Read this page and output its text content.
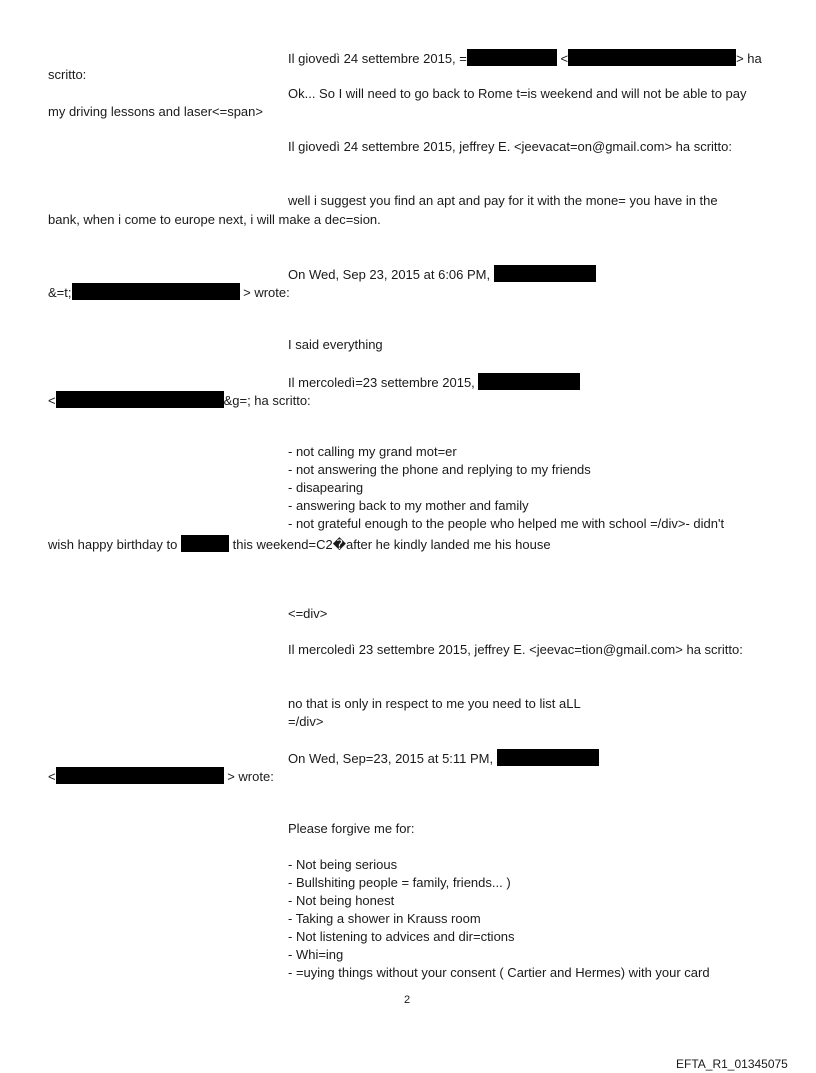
Il giovedì 24 settembre 2015, =	<	> ha
scritto:
Ok... So I will need to go back to Rome t=is weekend and will not be able to pay
my driving lessons and laser<=span>
Il giovedì 24 settembre 2015, jeffrey E. <jeevacat=on@gmail.com> ha scritto:
well i suggest you find an apt and pay for it with the mone= you have in the
bank, when i come to europe next, i will make a dec=sion.
On Wed, Sep 23, 2015 at 6:06 PM,
&=t;	> wrote:
I said everything
Il mercoledì=23 settembre 2015,
<	&g=; ha scritto:
- not calling my grand mot=er
- not answering the phone and replying to my friends
- disapearing
- answering back to my mother and family
- not grateful enough to the people who helped me with school =/div>- didn't
wish happy birthday to	this weekend=C2�after he kindly landed me his house
<=div>
Il mercoledì 23 settembre 2015, jeffrey E. <jeevac=tion@gmail.com> ha scritto:
no that is only in respect to me you need to list aLL
=/div>
On Wed, Sep=23, 2015 at 5:11 PM,
<	> wrote:
Please forgive me for:
- Not being serious
- Bullshiting people = family, friends... )
- Not being honest
- Taking a shower in Krauss room
- Not listening to advices and dir=ctions
- Whi=ing
- =uying things without your consent ( Cartier and Hermes) with your card
2
EFTA_R1_01345075
